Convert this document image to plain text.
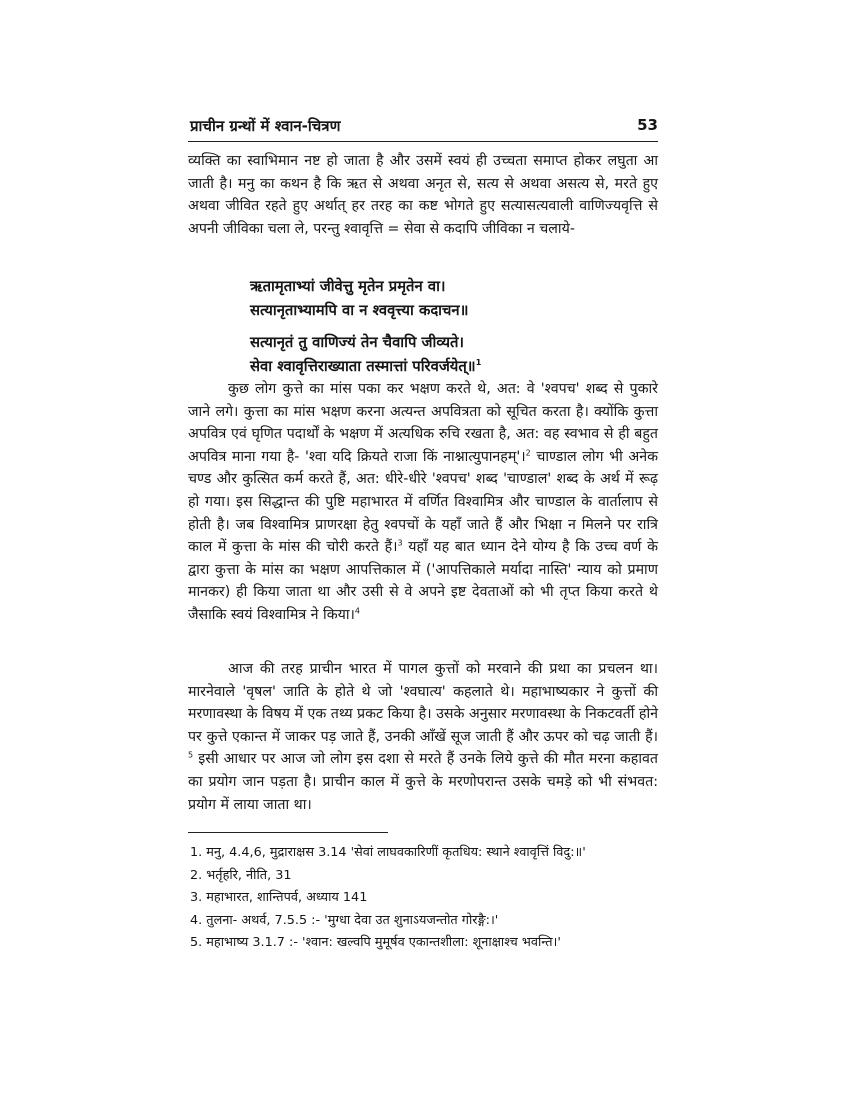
प्राचीन ग्रन्थों में श्वान-चित्रण	53

व्यक्ति का स्वाभिमान नष्ट हो जाता है और उसमें स्वयं ही उच्चता समाप्त होकर लघुता आ जाती है। मनु का कथन है कि ऋत से अथवा अनृत से, सत्य से अथवा असत्य से, मरते हुए अथवा जीवित रहते हुए अर्थात् हर तरह का कष्ट भोगते हुए सत्यासत्यवाली वाणिज्यवृत्ति से अपनी जीविका चला ले, परन्तु श्वावृत्ति = सेवा से कदापि जीविका न चलाये-

ऋतामृताभ्यां जीवेत्तु मृतेन प्रमृतेन वा।
सत्यानृताभ्यामपि वा न श्ववृत्त्या कदाचन॥
सत्यानृतं तु वाणिज्यं तेन चैवापि जीव्यते।
सेवा श्वावृत्तिराख्याता तस्मात्तां परिवर्जयेत्॥$^1$

कुछ लोग कुत्ते का मांस पका कर भक्षण करते थे, अत: वे 'श्वपच' शब्द से पुकारे जाने लगे। कुत्ता का मांस भक्षण करना अत्यन्त अपवित्रता को सूचित करता है। क्योंकि कुत्ता अपवित्र एवं घृणित पदार्थों के भक्षण में अत्यधिक रुचि रखता है, अत: वह स्वभाव से ही बहुत अपवित्र माना गया है- 'श्वा यदि क्रियते राजा किं नाश्नात्युपानहम्'।$^2$ चाण्डाल लोग भी अनेक चण्ड और कुत्सित कर्म करते हैं, अत: धीरे-धीरे 'श्वपच' शब्द 'चाण्डाल' शब्द के अर्थ में रूढ़ हो गया। इस सिद्धान्त की पुष्टि महाभारत में वर्णित विश्वामित्र और चाण्डाल के वार्तालाप से होती है। जब विश्वामित्र प्राणरक्षा हेतु श्वपचों के यहाँ जाते हैं और भिक्षा न मिलने पर रात्रि काल में कुत्ता के मांस की चोरी करते हैं।$^3$ यहाँ यह बात ध्यान देने योग्य है कि उच्च वर्ण के द्वारा कुत्ता के मांस का भक्षण आपत्तिकाल में ('आपत्तिकाले मर्यादा नास्ति' न्याय को प्रमाण मानकर) ही किया जाता था और उसी से वे अपने इष्ट देवताओं को भी तृप्त किया करते थे जैसाकि स्वयं विश्वामित्र ने किया।$^4$

आज की तरह प्राचीन भारत में पागल कुत्तों को मरवाने की प्रथा का प्रचलन था। मारनेवाले 'वृषल' जाति के होते थे जो 'श्वघात्य' कहलाते थे। महाभाष्यकार ने कुत्तों की मरणावस्था के विषय में एक तथ्य प्रकट किया है। उसके अनुसार मरणावस्था के निकटवर्ती होने पर कुत्ते एकान्त में जाकर पड़ जाते हैं, उनकी आँखें सूज जाती हैं और ऊपर को चढ़ जाती हैं।$^5$ इसी आधार पर आज जो लोग इस दशा से मरते हैं उनके लिये कुत्ते की मौत मरना कहावत का प्रयोग जान पड़ता है। प्राचीन काल में कुत्ते के मरणोपरान्त उसके चमड़े को भी संभवत: प्रयोग में लाया जाता था।

1. मनु, 4.4,6, मुद्राराक्षस 3.14 'सेवां लाघवकारिणीं कृतधिय: स्थाने श्वावृत्तिं विदु:॥'
2. भर्तृहरि, नीति, 31
3. महाभारत, शान्तिपर्व, अध्याय 141
4. तुलना- अथर्व, 7.5.5 :- 'मुग्धा देवा उत शुनाऽयजन्तोत गोरङ्गै:।'
5. महाभाष्य 3.1.7 :- 'श्वान: खल्वपि मुमूर्षव एकान्तशीला: शूनाक्षाश्च भवन्ति।'
